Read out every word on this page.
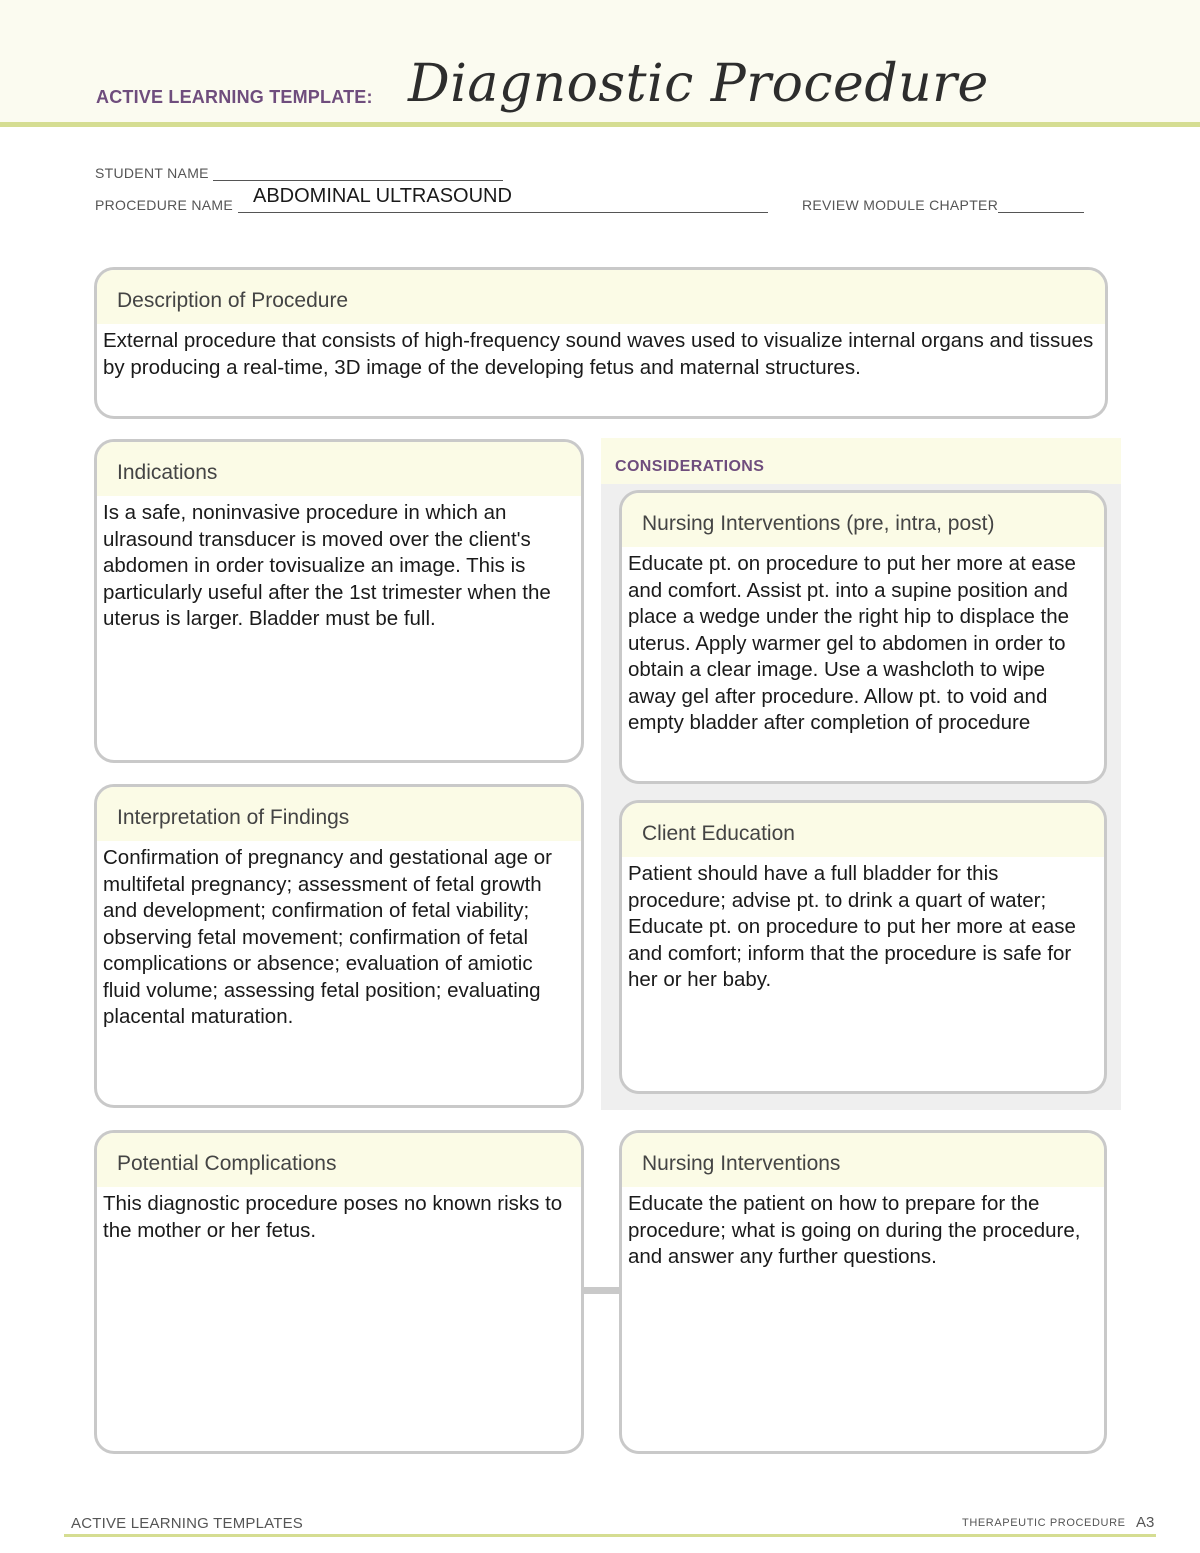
ACTIVE LEARNING TEMPLATE: Diagnostic Procedure
STUDENT NAME
PROCEDURE NAME	ABDOMINAL ULTRASOUND	REVIEW MODULE CHAPTER
Description of Procedure
External procedure that consists of high-frequency sound waves used to visualize internal organs and tissues by producing a real-time, 3D image of the developing fetus and maternal structures.
Indications
Is a safe, noninvasive procedure in which an ulrasound transducer is moved over the client's abdomen in order tovisualize an image. This is particularly useful after the 1st trimester when the uterus is larger. Bladder must be full.
Interpretation of Findings
Confirmation of pregnancy and gestational age or multifetal pregnancy; assessment of fetal growth and development; confirmation of fetal viability; observing fetal movement; confirmation of fetal complications or absence; evaluation of amiotic fluid volume; assessing fetal position; evaluating placental maturation.
CONSIDERATIONS
Nursing Interventions (pre, intra, post)
Educate pt. on procedure to put her more at ease and comfort. Assist pt. into a supine position and place a wedge under the right hip to displace the uterus. Apply warmer gel to abdomen in order to obtain a clear image. Use a washcloth to wipe away gel after procedure. Allow pt. to void and empty bladder after completion of procedure
Client Education
Patient should have a full bladder for this procedure; advise pt. to drink a quart of water; Educate pt. on procedure to put her more at ease and comfort; inform that the procedure is safe for her or her baby.
Potential Complications
This diagnostic procedure poses no known risks to the mother or her fetus.
Nursing Interventions
Educate the patient on how to prepare for the procedure; what is going on during the procedure, and answer any further questions.
ACTIVE LEARNING TEMPLATES	THERAPEUTIC PROCEDURE A3
